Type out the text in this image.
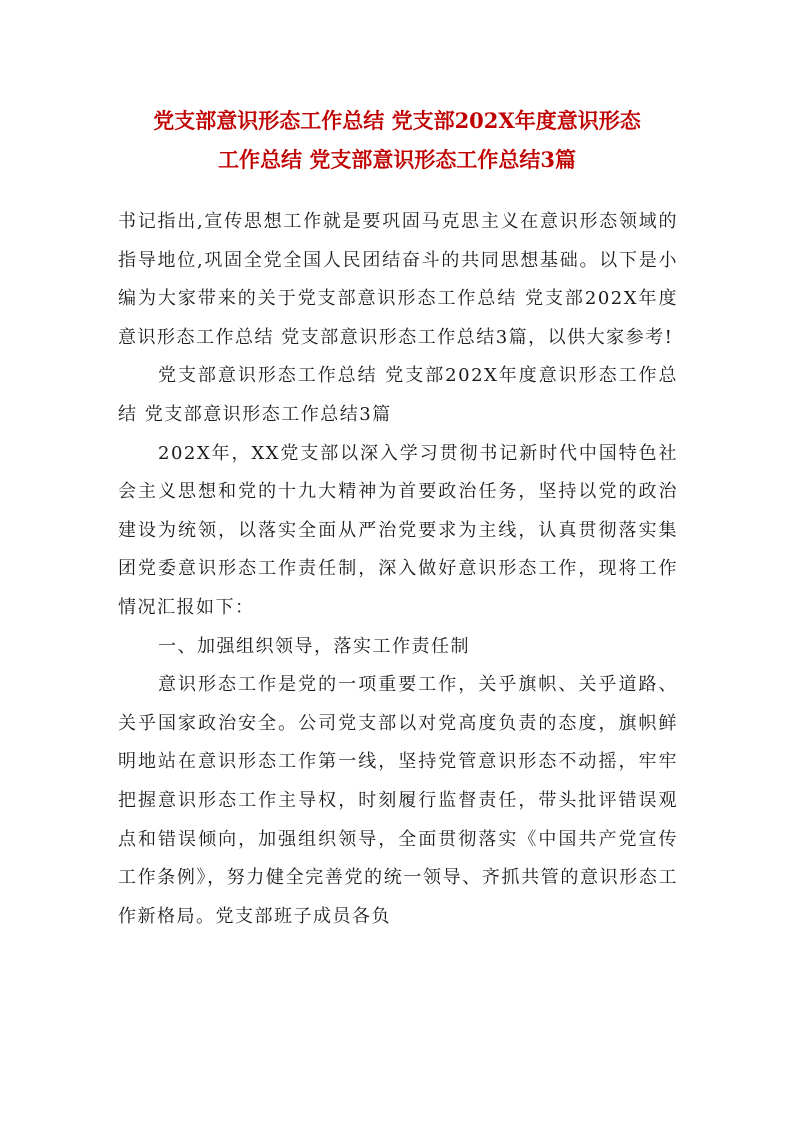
党支部意识形态工作总结 党支部202X年度意识形态
工作总结 党支部意识形态工作总结3篇

书记指出,宣传思想工作就是要巩固马克思主义在意识形态领域的指导地位,巩固全党全国人民团结奋斗的共同思想基础。以下是小编为大家带来的关于党支部意识形态工作总结 党支部202X年度意识形态工作总结 党支部意识形态工作总结3篇，以供大家参考!

党支部意识形态工作总结 党支部202X年度意识形态工作总结 党支部意识形态工作总结3篇

202X年，XX党支部以深入学习贯彻书记新时代中国特色社会主义思想和党的十九大精神为首要政治任务，坚持以党的政治建设为统领，以落实全面从严治党要求为主线，认真贯彻落实集团党委意识形态工作责任制，深入做好意识形态工作，现将工作情况汇报如下：

一、加强组织领导，落实工作责任制

意识形态工作是党的一项重要工作，关乎旗帜、关乎道路、关乎国家政治安全。公司党支部以对党高度负责的态度，旗帜鲜明地站在意识形态工作第一线，坚持党管意识形态不动摇，牢牢把握意识形态工作主导权，时刻履行监督责任，带头批评错误观点和错误倾向，加强组织领导，全面贯彻落实《中国共产党宣传工作条例》，努力健全完善党的统一领导、齐抓共管的意识形态工作新格局。党支部班子成员各负
